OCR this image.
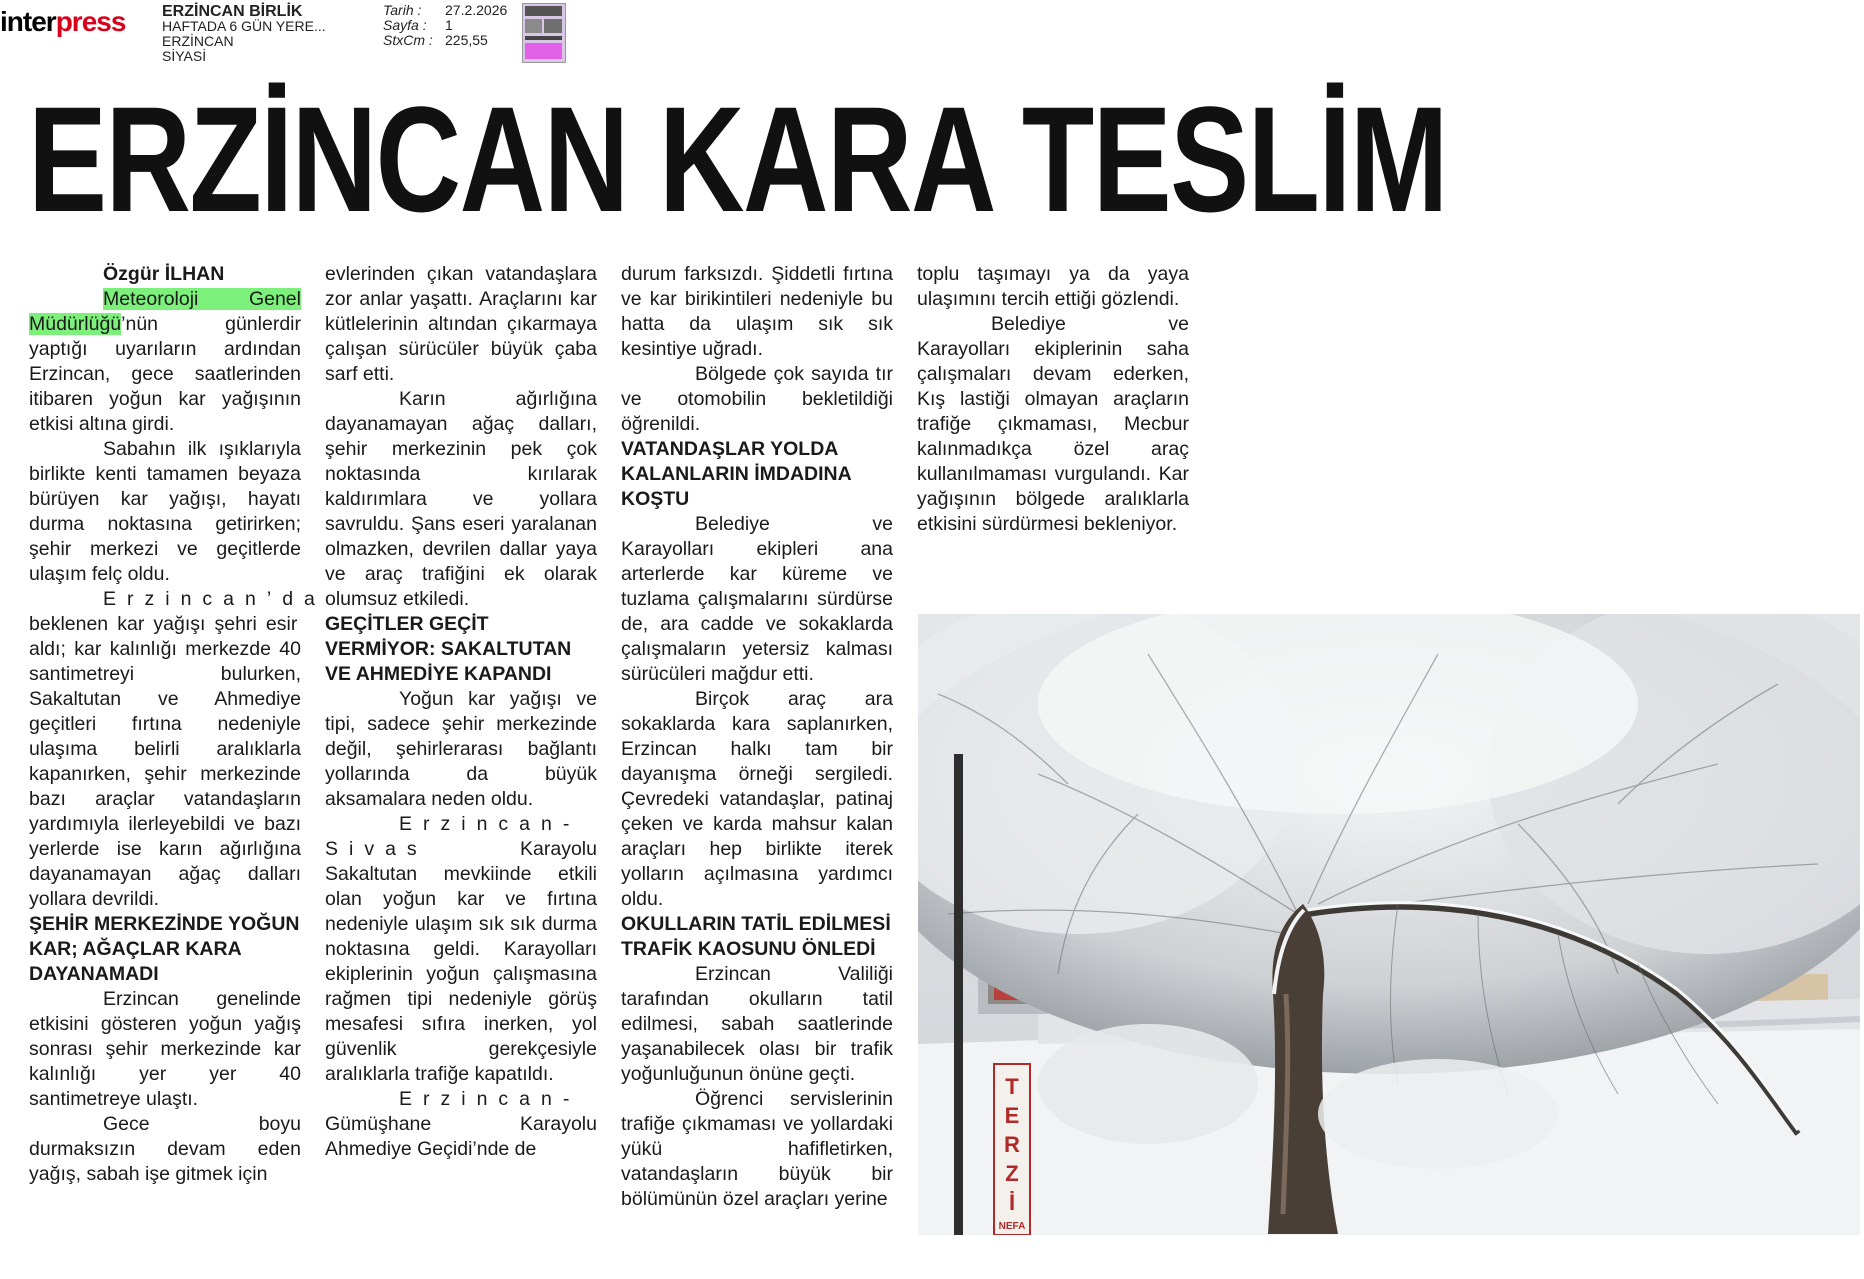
interpress ERZİNCAN BİRLİK
HAFTADA 6 GÜN YERE...
ERZİNCAN
SİYASİ
Tarih :	27.2.2026
Sayfa :	1
StxCm : 225,55
ERZİNCAN KARA TESLİM

Özgür İLHAN

Meteoroloji Genel Müdürlüğü’nün günlerdir yaptığı uyarıların ardından Erzincan, gece saatlerinden itibaren yoğun kar yağışının etkisi altına girdi.

Sabahın ilk ışıklarıyla birlikte kenti tamamen beyaza bürüyen kar yağışı, hayatı durma noktasına getirirken; şehir merkezi ve geçitlerde ulaşım felç oldu.

Erzincan’da beklenen kar yağışı şehri esir aldı; kar kalınlığı merkezde 40 santimetreyi bulurken, Sakaltutan ve Ahmediye geçitleri fırtına nedeniyle ulaşıma belirli aralıklarla kapanırken, şehir merkezinde bazı araçlar vatandaşların yardımıyla ilerleyebildi ve bazı yerlerde ise karın ağırlığına dayanamayan ağaç dalları yollara devrildi.

ŞEHİR MERKEZİNDE YOĞUN KAR; AĞAÇLAR KARA DAYANAMADI

Erzincan genelinde etkisini gösteren yoğun yağış sonrası şehir merkezinde kar kalınlığı yer yer 40 santimetreye ulaştı.

Gece boyu durmaksızın devam eden yağış, sabah işe gitmek için

evlerinden çıkan vatandaşlara zor anlar yaşattı. Araçlarını kar kütlelerinin altından çıkarmaya çalışan sürücüler büyük çaba sarf etti.

Karın ağırlığına dayanamayan ağaç dalları, şehir merkezinin pek çok noktasında kırılarak kaldırımlara ve yollara savruldu. Şans eseri yaralanan olmazken, devrilen dallar yaya ve araç trafiğini ek olarak olumsuz etkiledi.

GEÇİTLER GEÇİT VERMİYOR: SAKALTUTAN VE AHMEDİYE KAPANDI

Yoğun kar yağışı ve tipi, sadece şehir merkezinde değil, şehirlerarası bağlantı yollarında da büyük aksamalara neden oldu.

Erzincan-Sivas Karayolu Sakaltutan mevkiinde etkili olan yoğun kar ve fırtına nedeniyle ulaşım sık sık durma noktasına geldi. Karayolları ekiplerinin yoğun çalışmasına rağmen tipi nedeniyle görüş mesafesi sıfıra inerken, yol güvenlik gerekçesiyle aralıklarla trafiğe kapatıldı.

Erzincan- Gümüşhane Karayolu Ahmediye Geçidi’nde de

durum farksızdı. Şiddetli fırtına ve kar birikintileri nedeniyle bu hatta da ulaşım sık sık kesintiye uğradı.

Bölgede çok sayıda tır ve otomobilin bekletildiği öğrenildi.

VATANDAŞLAR YOLDA KALANLARIN İMDADINA KOŞTU

Belediye ve Karayolları ekipleri ana arterlerde kar küreme ve tuzlama çalışmalarını sürdürse de, ara cadde ve sokaklarda çalışmaların yetersiz kalması sürücüleri mağdur etti.

Birçok araç ara sokaklarda kara saplanırken, Erzincan halkı tam bir dayanışma örneği sergiledi. Çevredeki vatandaşlar, patinaj çeken ve karda mahsur kalan araçları hep birlikte iterek yolların açılmasına yardımcı oldu.

OKULLARIN TATİL EDİLMESİ TRAFİK KAOSUNU ÖNLEDİ

Erzincan Valiliği tarafından okulların tatil edilmesi, sabah saatlerinde yaşanabilecek olası bir trafik yoğunluğunun önüne geçti.

Öğrenci servislerinin trafiğe çıkmaması ve yollardaki yükü hafifletirken, vatandaşların büyük bir bölümünün özel araçları yerine

toplu taşımayı ya da yaya ulaşımını tercih ettiği gözlendi.

Belediye ve Karayolları ekiplerinin saha çalışmaları devam ederken, Kış lastiği olmayan araçların trafiğe çıkmaması, Mecbur kalınmadıkça özel araç kullanılmaması vurgulandı. Kar yağışının bölgede aralıklarla etkisini sürdürmesi bekleniyor.

T
E
R
Z
İ
NEFA
